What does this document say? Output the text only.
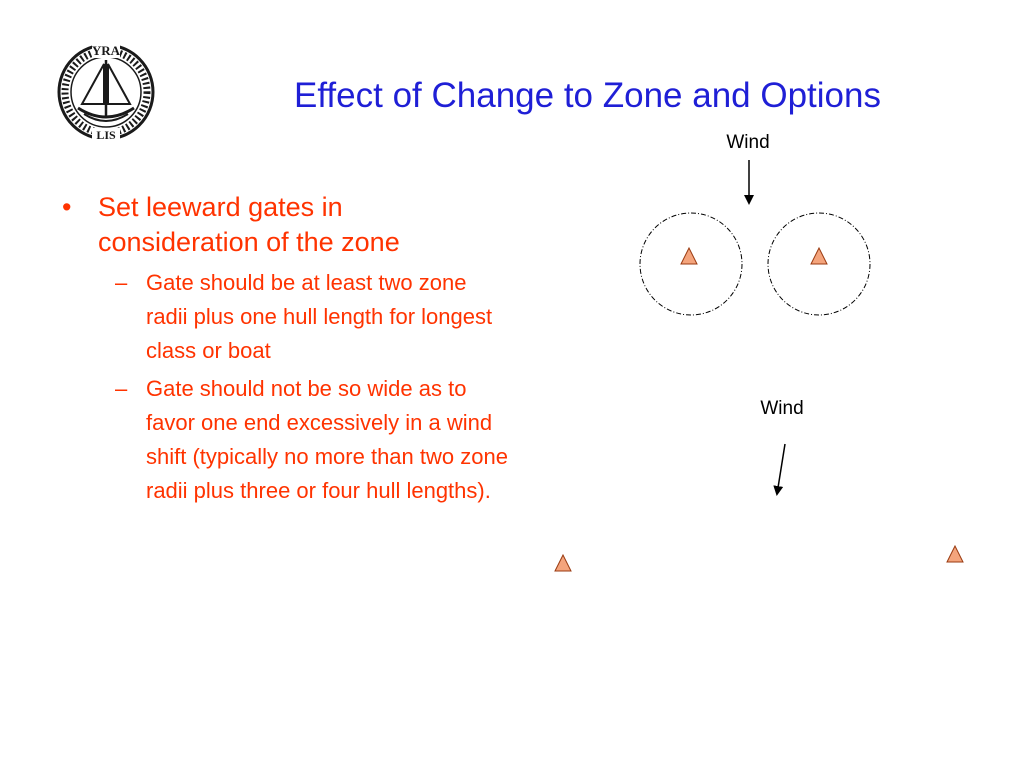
YRA
LIS
Effect of Change to Zone and Options

• Set leeward gates in consideration of the zone

– Gate should be at least two zone radii plus one hull length for longest class or boat
– Gate should not be so wide as to favor one end excessively in a wind shift (typically no more than two zone radii plus three or four hull lengths).
Wind
Wind
